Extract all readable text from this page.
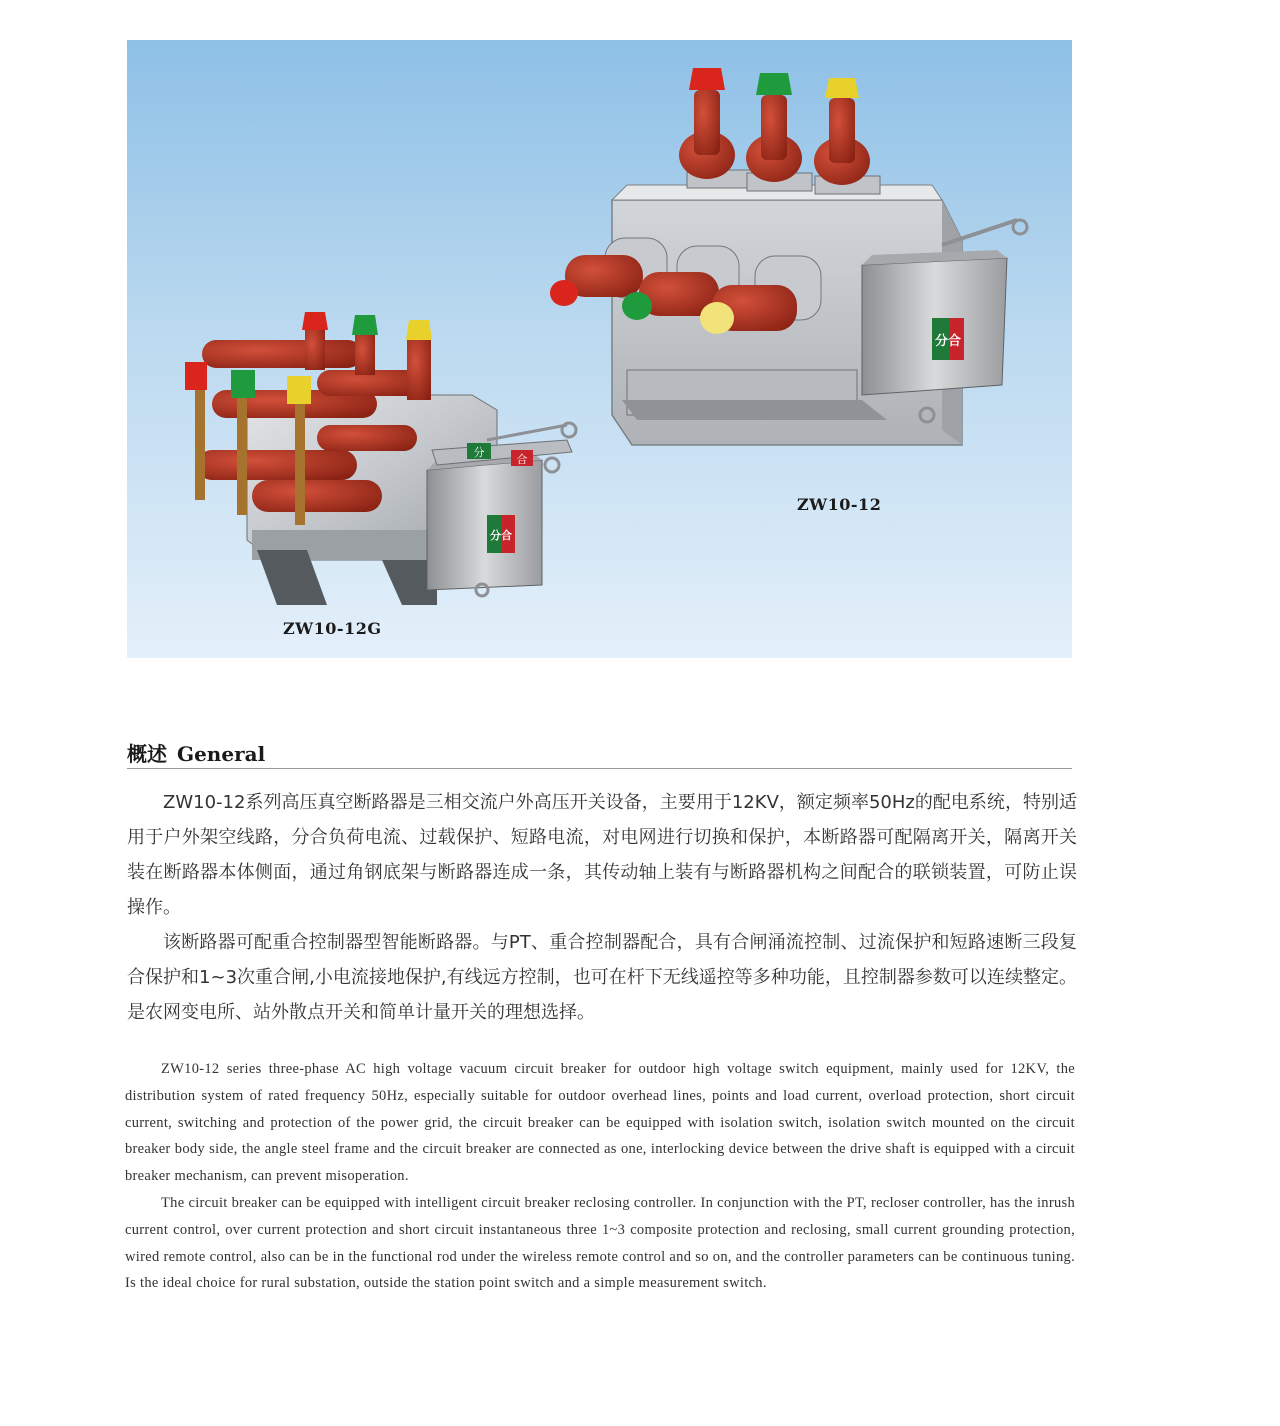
分合
分合
分
合
ZW10-12
ZW10-12G
概述 General

ZW10-12系列高压真空断路器是三相交流户外高压开关设备，主要用于12KV，额定频率50Hz的配电系统，特别适用于户外架空线路，分合负荷电流、过载保护、短路电流，对电网进行切换和保护，本断路器可配隔离开关，隔离开关装在断路器本体侧面，通过角钢底架与断路器连成一条，其传动轴上装有与断路器机构之间配合的联锁装置，可防止误操作。

该断路器可配重合控制器型智能断路器。与PT、重合控制器配合，具有合闸涌流控制、过流保护和短路速断三段复合保护和1~3次重合闸,小电流接地保护,有线远方控制，也可在杆下无线遥控等多种功能，且控制器参数可以连续整定。是农网变电所、站外散点开关和简单计量开关的理想选择。

ZW10-12 series three-phase AC high voltage vacuum circuit breaker for outdoor high voltage switch equipment, mainly used for 12KV, the distribution system of rated frequency 50Hz, especially suitable for outdoor overhead lines, points and load current, overload protection, short circuit current, switching and protection of the power grid, the circuit breaker can be equipped with isolation switch, isolation switch mounted on the circuit breaker body side, the angle steel frame and the circuit breaker are connected as one, interlocking device between the drive shaft is equipped with a circuit breaker mechanism, can prevent misoperation.

The circuit breaker can be equipped with intelligent circuit breaker reclosing controller. In conjunction with the PT, recloser controller, has the inrush current control, over current protection and short circuit instantaneous three 1~3 composite protection and reclosing, small current grounding protection, wired remote control, also can be in the functional rod under the wireless remote control and so on, and the controller parameters can be continuous tuning. Is the ideal choice for rural substation, outside the station point switch and a simple measurement switch.
